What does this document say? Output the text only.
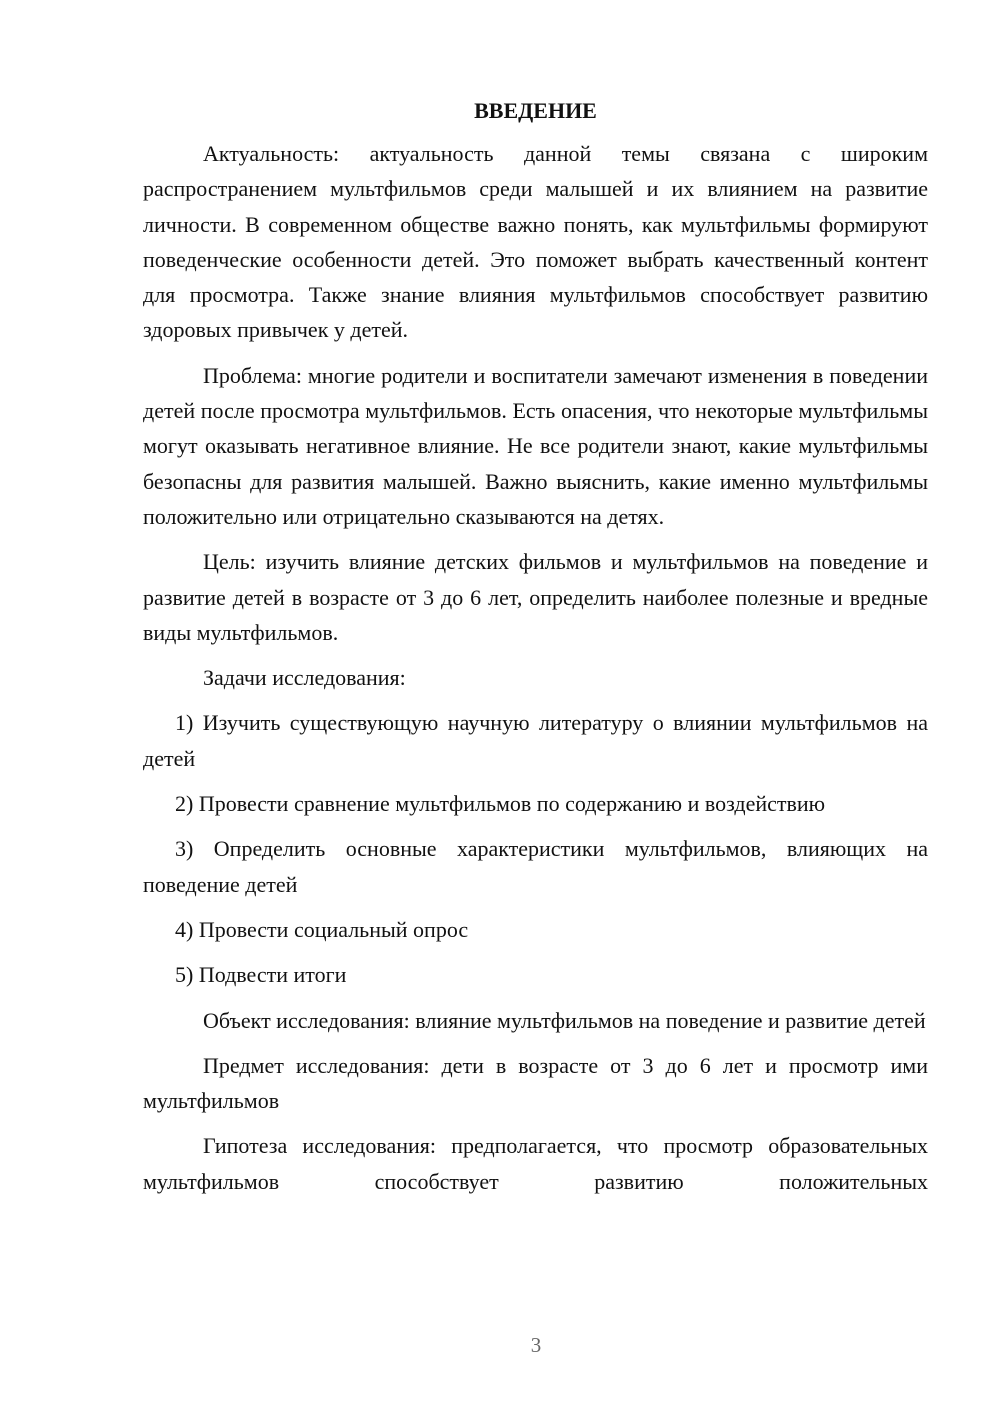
ВВЕДЕНИЕ

Актуальность: актуальность данной темы связана с широким распространением мультфильмов среди малышей и их влиянием на развитие личности. В современном обществе важно понять, как мультфильмы формируют поведенческие особенности детей. Это поможет выбрать качественный контент для просмотра. Также знание влияния мультфильмов способствует развитию здоровых привычек у детей.

Проблема: многие родители и воспитатели замечают изменения в поведении детей после просмотра мультфильмов. Есть опасения, что некоторые мультфильмы могут оказывать негативное влияние. Не все родители знают, какие мультфильмы безопасны для развития малышей. Важно выяснить, какие именно мультфильмы положительно или отрицательно сказываются на детях.

Цель: изучить влияние детских фильмов и мультфильмов на поведение и развитие детей в возрасте от 3 до 6 лет, определить наиболее полезные и вредные виды мультфильмов.

Задачи исследования:

1) Изучить существующую научную литературу о влиянии мультфильмов на детей

2) Провести сравнение мультфильмов по содержанию и воздействию

3) Определить основные характеристики мультфильмов, влияющих на поведение детей

4) Провести социальный опрос

5) Подвести итоги

Объект исследования: влияние мультфильмов на поведение и развитие детей

Предмет исследования: дети в возрасте от 3 до 6 лет и просмотр ими мультфильмов

Гипотеза исследования: предполагается, что просмотр образовательных мультфильмов способствует развитию положительных

3
